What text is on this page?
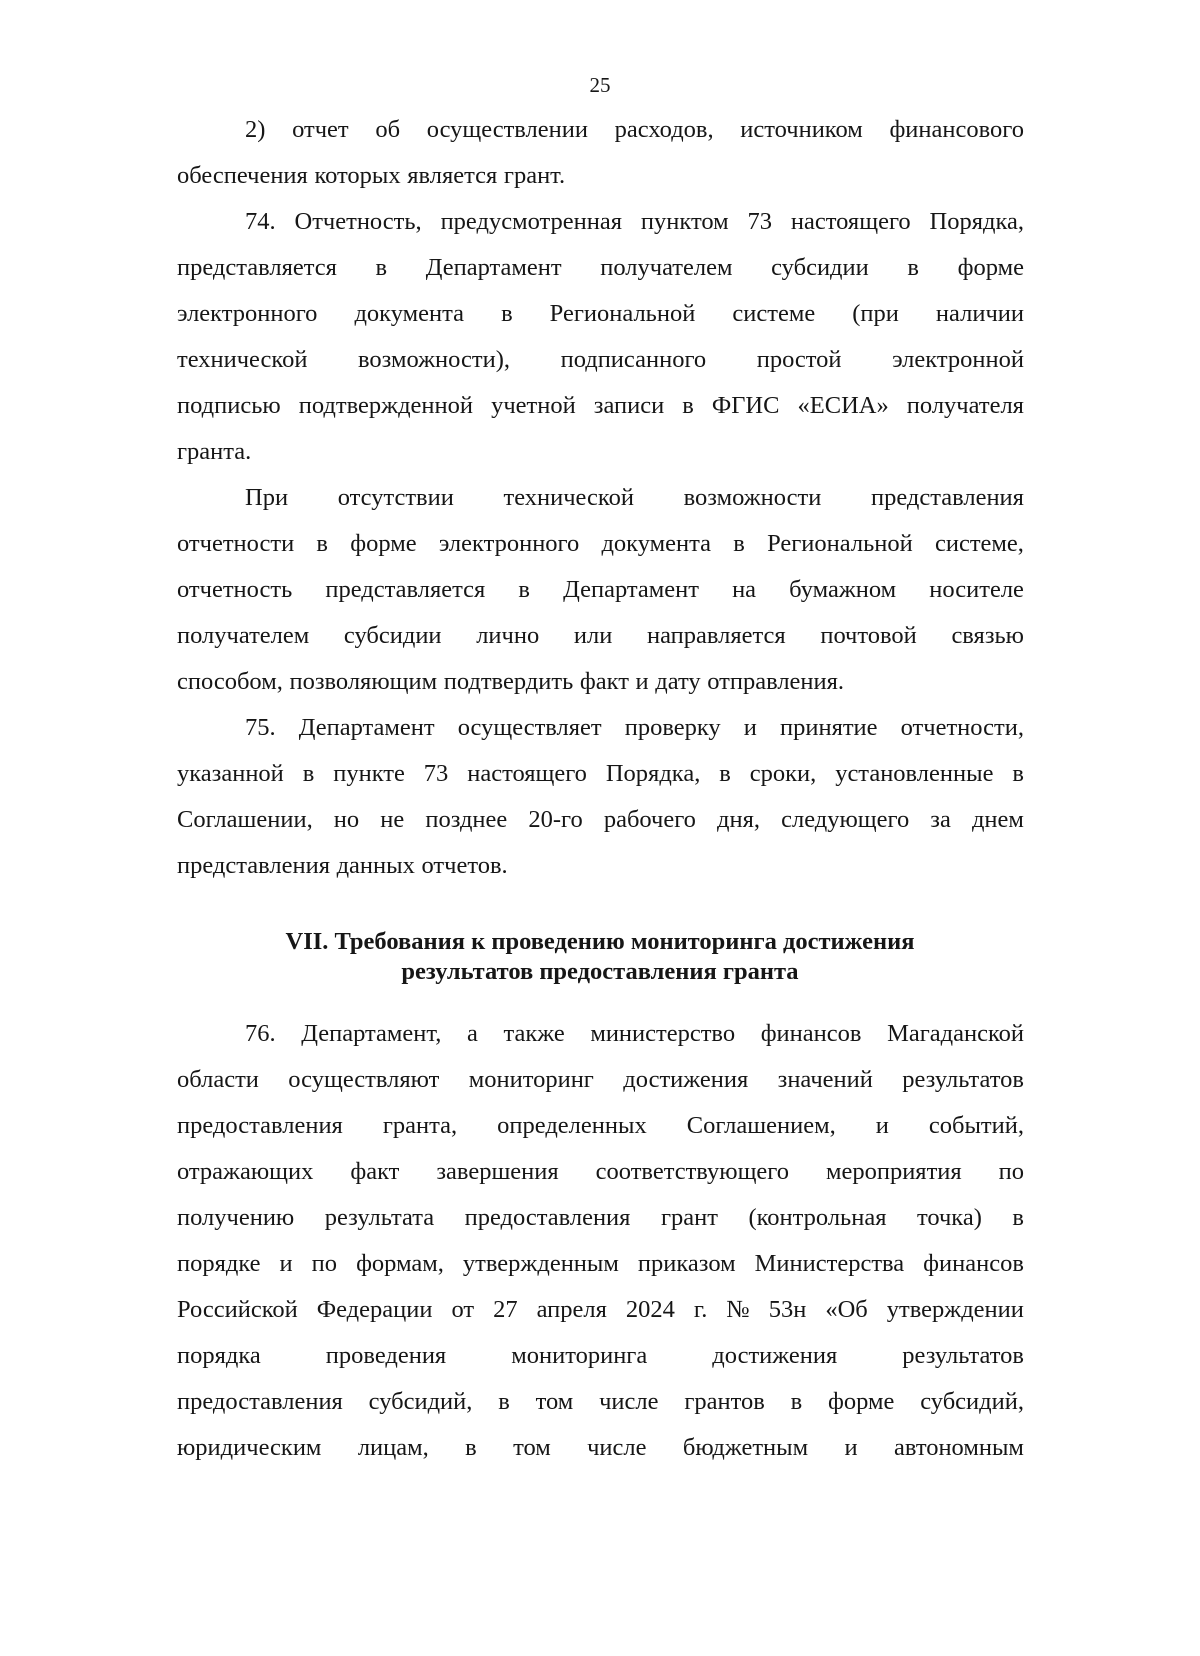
25
2) отчет об осуществлении расходов, источником финансового
обеспечения которых является грант.
74. Отчетность, предусмотренная пунктом 73 настоящего Порядка,
представляется в Департамент получателем субсидии в форме
электронного документа в Региональной системе (при наличии
технической возможности), подписанного простой электронной
подписью подтвержденной учетной записи в ФГИС «ЕСИА» получателя
гранта.
При отсутствии технической возможности представления
отчетности в форме электронного документа в Региональной системе,
отчетность представляется в Департамент на бумажном носителе
получателем субсидии лично или направляется почтовой связью
способом, позволяющим подтвердить факт и дату отправления.
75. Департамент осуществляет проверку и принятие отчетности,
указанной в пункте 73 настоящего Порядка, в сроки, установленные в
Соглашении, но не позднее 20-го рабочего дня, следующего за днем
представления данных отчетов.
VII. Требования к проведению мониторинга достижения
результатов предоставления гранта
76. Департамент, а также министерство финансов Магаданской
области осуществляют мониторинг достижения значений результатов
предоставления гранта, определенных Соглашением, и событий,
отражающих факт завершения соответствующего мероприятия по
получению результата предоставления грант (контрольная точка) в
порядке и по формам, утвержденным приказом Министерства финансов
Российской Федерации от 27 апреля 2024 г. № 53н «Об утверждении
порядка	проведения	мониторинга	достижения	результатов
предоставления субсидий, в том числе грантов в форме субсидий,
юридическим лицам, в том числе бюджетным и автономным
